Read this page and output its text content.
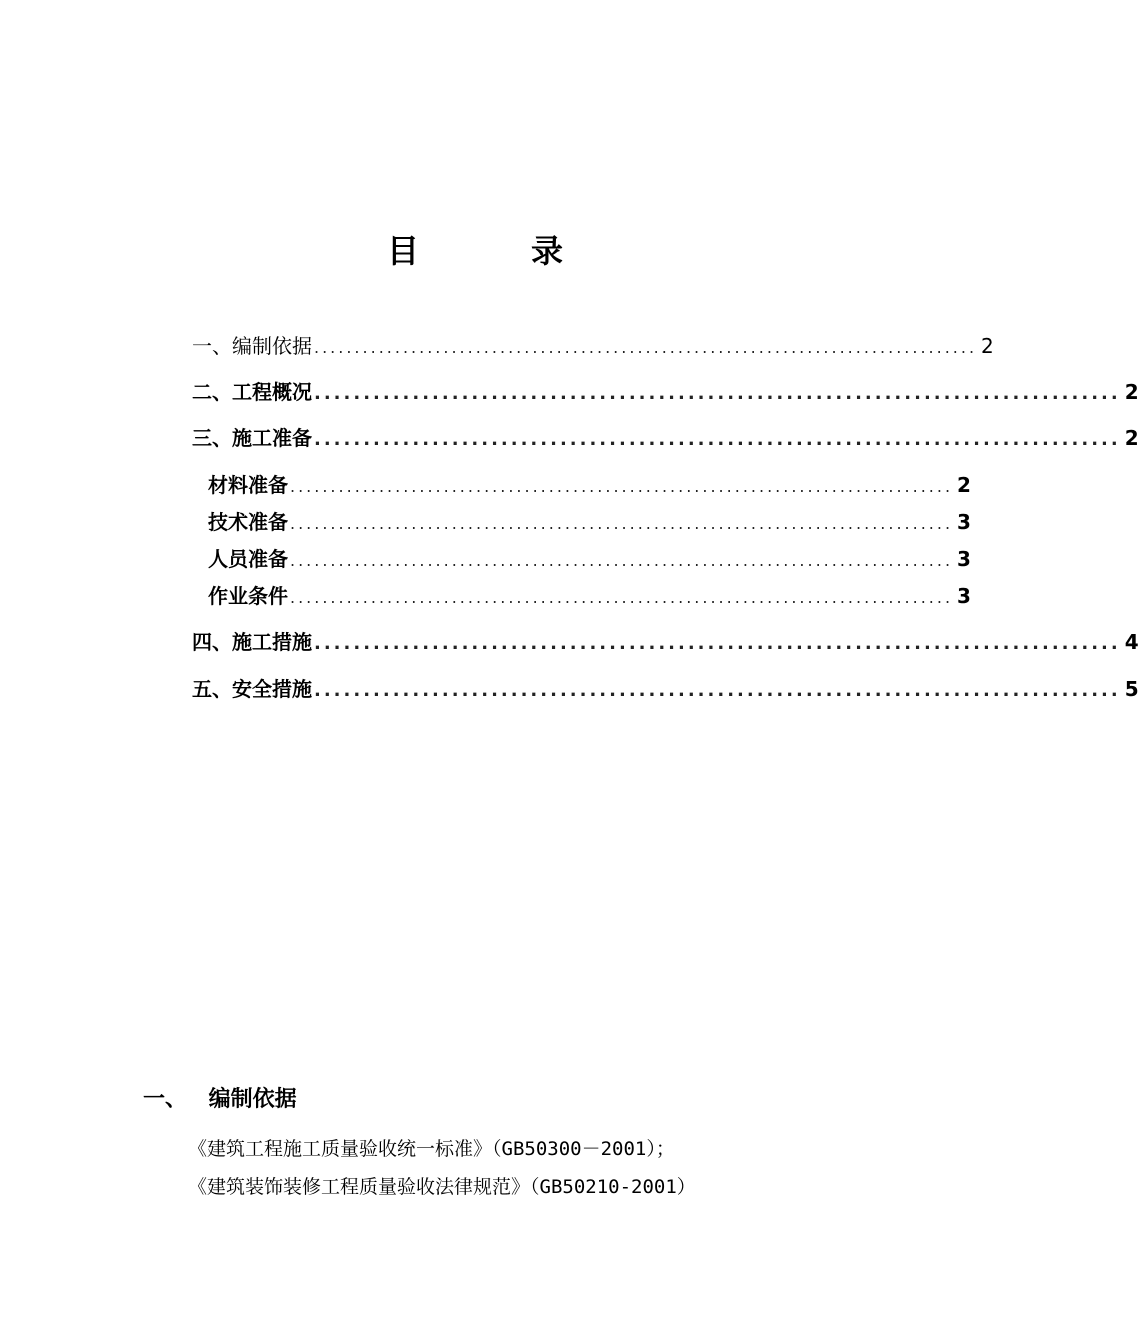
目　录
一、 编制依据 .................................................................................. 2
二、 工程概况 .................................................................................. 2
三、 施工准备 .................................................................................. 2
材料准备 .................................................................................. 2
技术准备 .................................................................................. 3
人员准备 .................................................................................. 3
作业条件 .................................................................................. 3
四、 施工措施 .................................................................................. 4
五、 安全措施 .................................................................................. 5
一、 编制依据
《建筑工程施工质量验收统一标准》（GB50300－2001）；
《建筑装饰装修工程质量验收法律规范》（GB50210-2001）
